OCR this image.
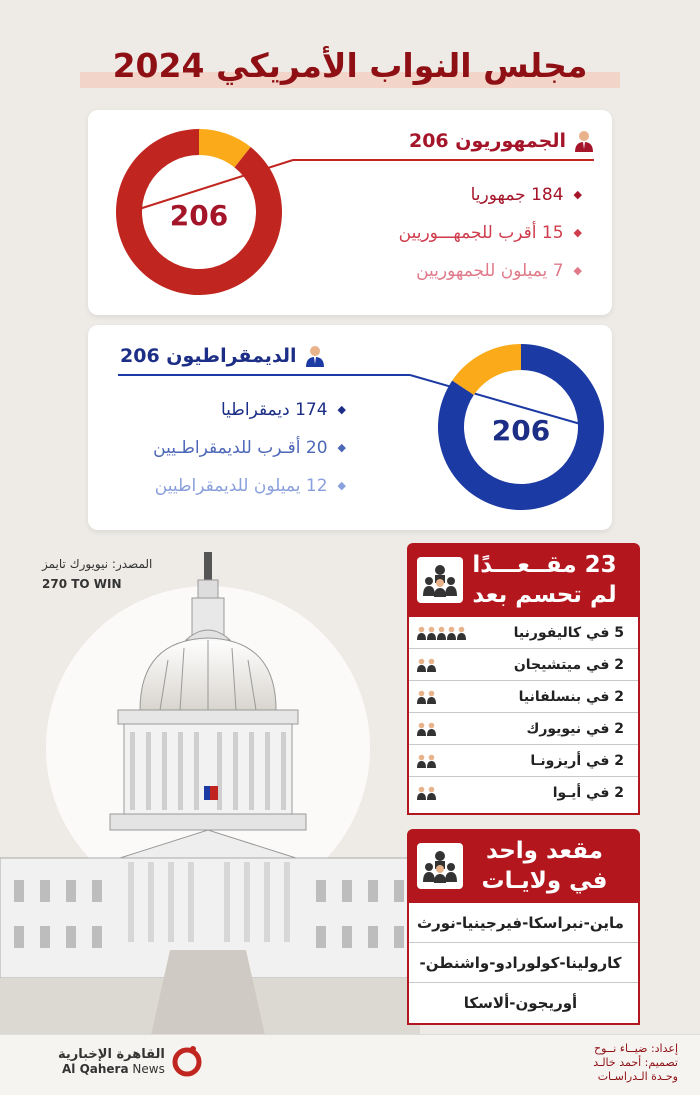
مجلس النواب الأمريكي 2024
206
الجمهوريون 206
◆
184 جمهوريا
◆
15 أقرب للجمهـــوريين
◆
7 يميلون للجمهوريين
206
الديمقراطيون 206
◆
174 ديمقراطيا
◆
20 أقـرب للديمقراطـيين
◆
12 يميلون للديمقراطيين
المصدر: نيويورك تايمز
270 TO WIN
23 مقــعـــدًا
لم تحسم بعد
5 في كاليفورنيا
2 في ميتشيجان
2 في بنسلفانيا
2 في نيويورك
2 في أريزونـا
2 في أيـوا
مقعد واحد
في ولايـات
ماين-نبراسكا-فيرجينيا-نورث
كارولينا-كولورادو-واشنطن-
أوريجون-ألاسكا
إعداد: ضيــاء نــوح
تصميم: أحمد خالـد
وحـدة الـدراسـات
القاهرة الإخبارية
Al Qahera News
